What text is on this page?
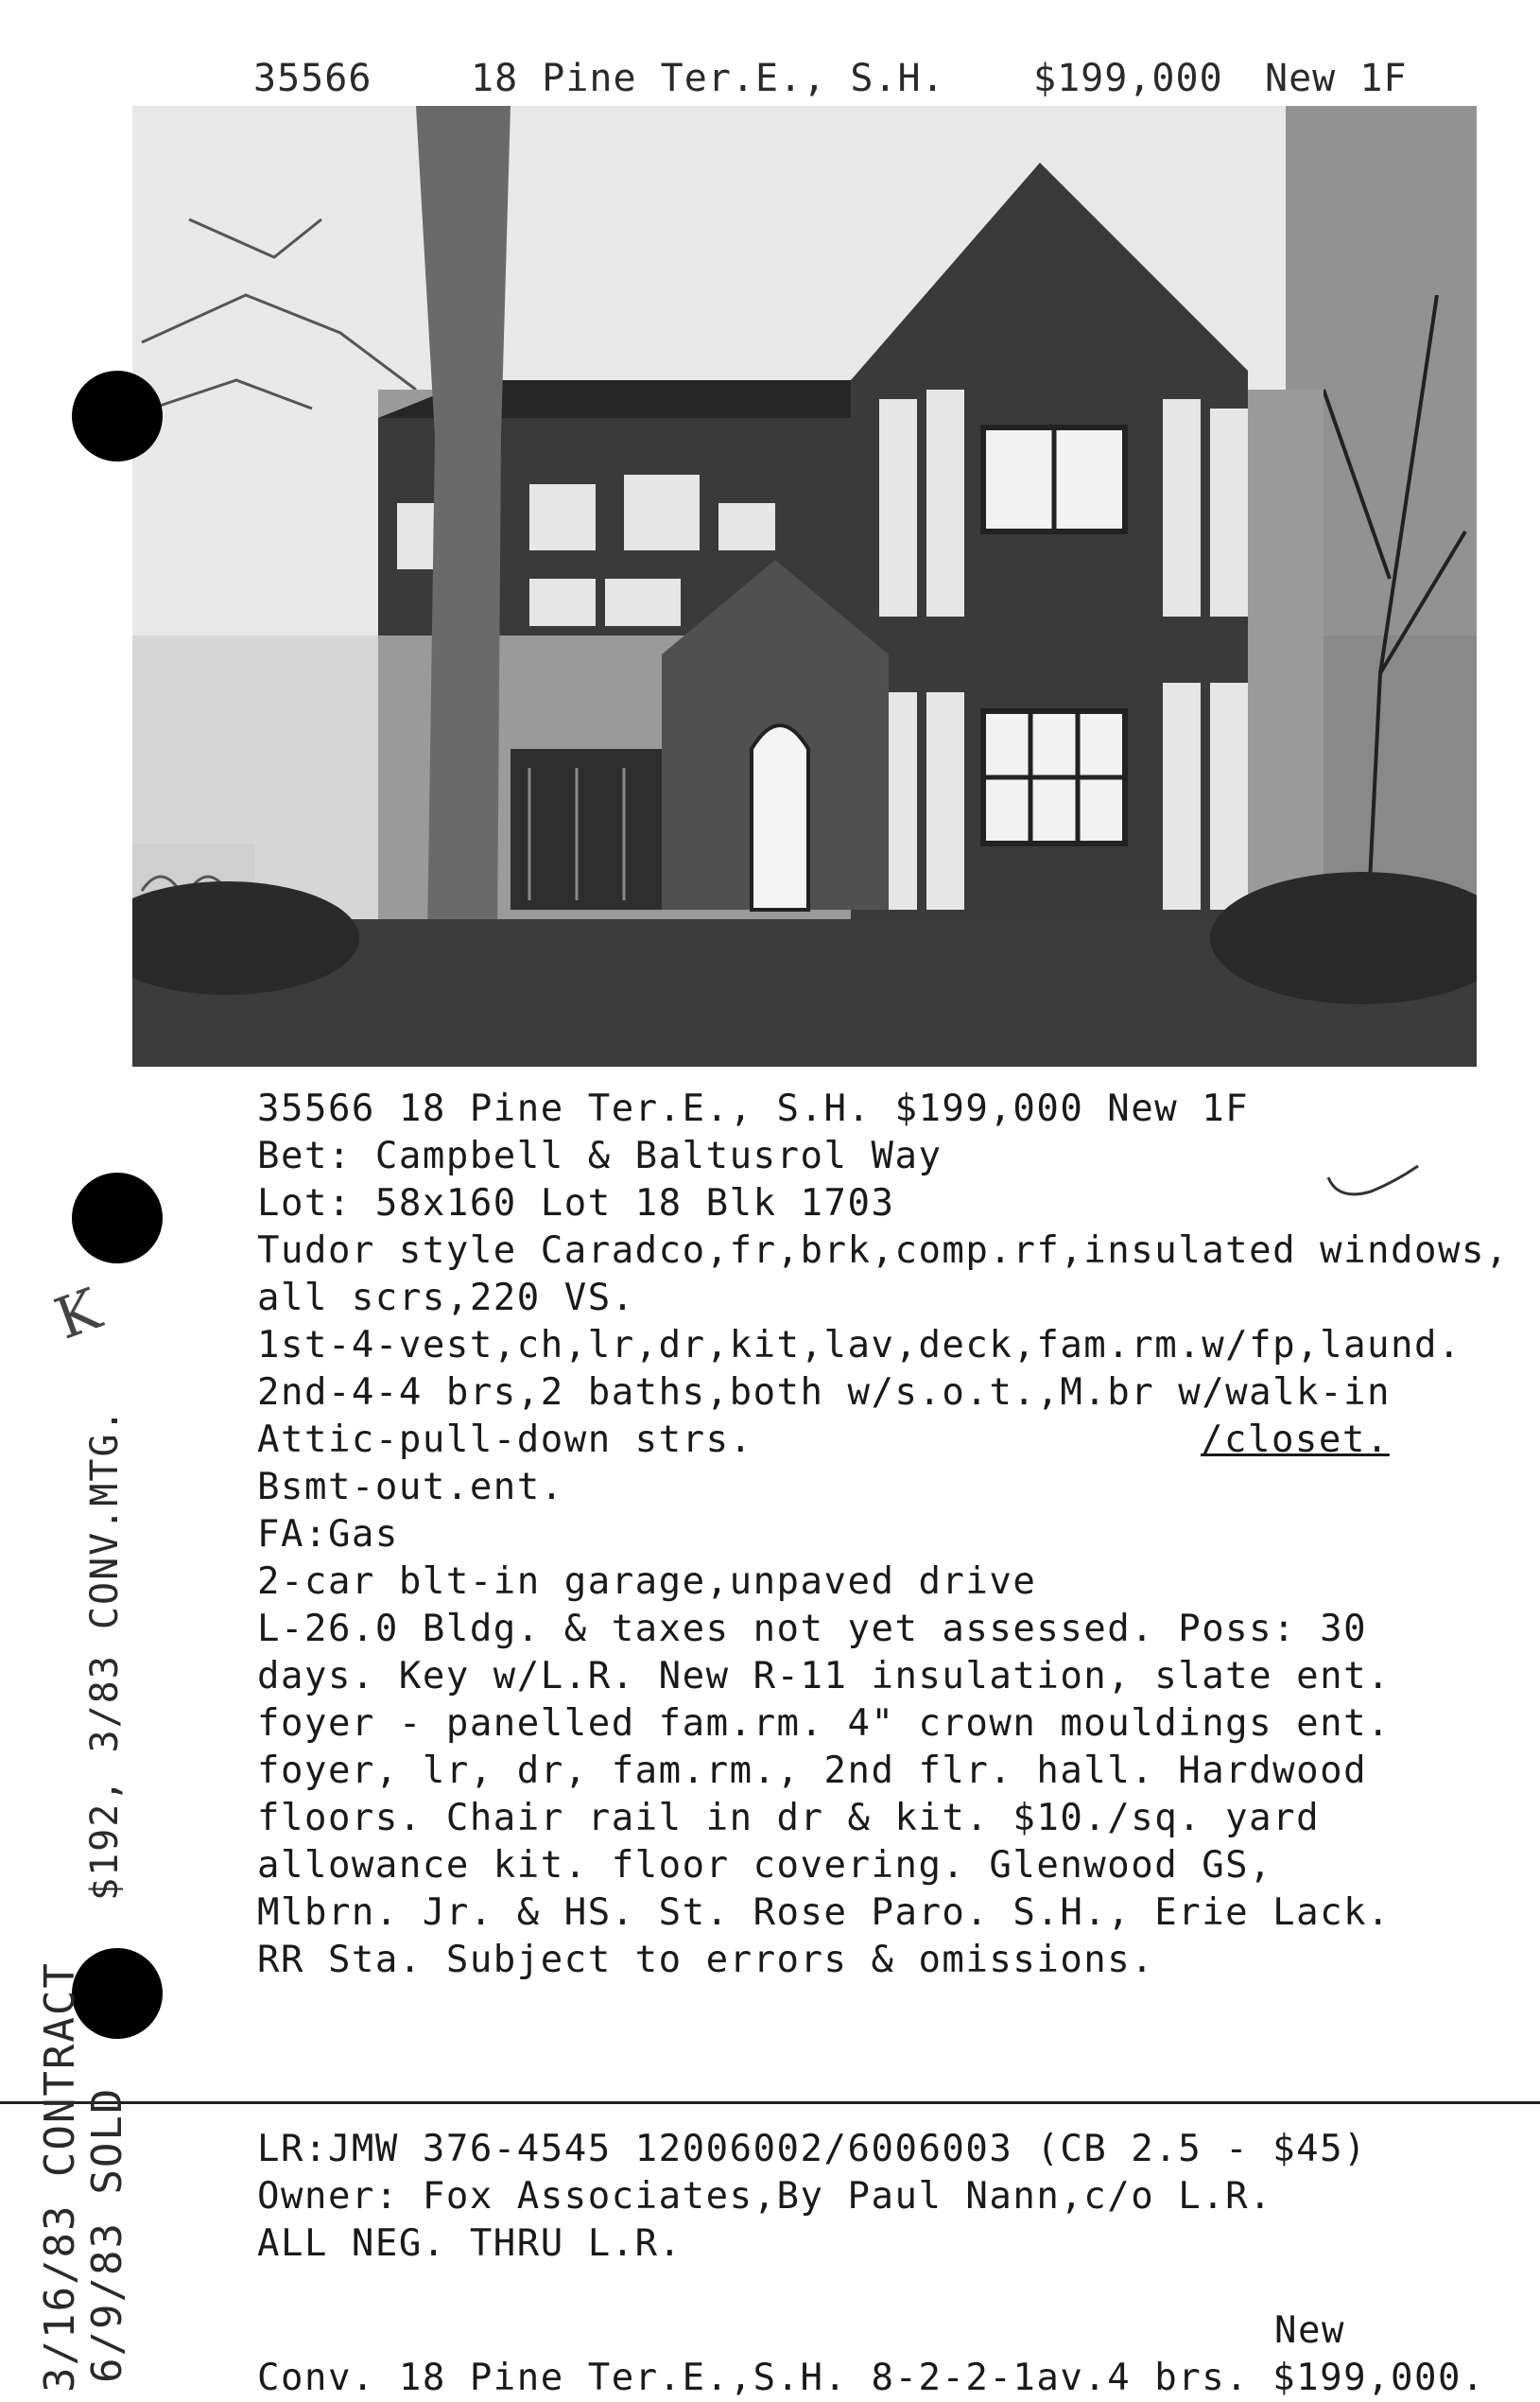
35566	18 Pine Ter.E., S.H. $199,000 New 1F
35566 18 Pine Ter.E., S.H. $199,000 New 1F
Bet: Campbell & Baltusrol Way
Lot: 58x160 Lot 18 Blk 1703
Tudor style Caradco,fr,brk,comp.rf,insulated windows,
all scrs,220 VS.
1st-4-vest,ch,lr,dr,kit,lav,deck,fam.rm.w/fp,laund.
2nd-4-4 brs,2 baths,both w/s.o.t.,M.br w/walk-in
Attic-pull-down strs.	/closet.
Bsmt-out.ent.
FA:Gas
2-car blt-in garage,unpaved drive
L-26.0 Bldg. & taxes not yet assessed. Poss: 30
days. Key w/L.R. New R-11 insulation, slate ent.
foyer - panelled fam.rm. 4" crown mouldings ent.
foyer, lr, dr, fam.rm., 2nd flr. hall. Hardwood
floors. Chair rail in dr & kit. $10./sq. yard
allowance kit. floor covering. Glenwood GS,
Mlbrn. Jr. & HS. St. Rose Paro. S.H., Erie Lack.
RR Sta. Subject to errors & omissions.
LR:JMW 376-4545 12006002/6006003 (CB 2.5 - $45)
Owner: Fox Associates,By Paul Nann,c/o L.R.
ALL NEG. THRU L.R.
New
Conv. 18 Pine Ter.E.,S.H. 8-2-2-1av.4 brs. $199,000.
K
$192, 3/83 CONV.MTG.
3/16/83 CONTRACT 6/9/83 SOLD
